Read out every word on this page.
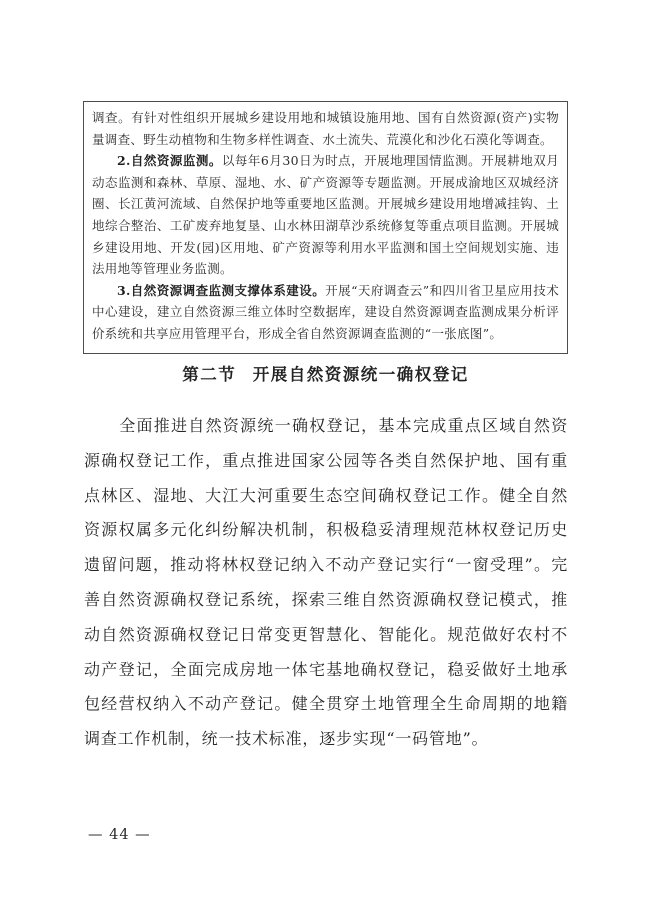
调查。有针对性组织开展城乡建设用地和城镇设施用地、国有自然资源(资产)实物量调查、野生动植物和生物多样性调查、水土流失、荒漠化和沙化石漠化等调查。

2.自然资源监测。以每年6月30日为时点，开展地理国情监测。开展耕地双月动态监测和森林、草原、湿地、水、矿产资源等专题监测。开展成渝地区双城经济圈、长江黄河流域、自然保护地等重要地区监测。开展城乡建设用地增减挂钩、土地综合整治、工矿废弃地复垦、山水林田湖草沙系统修复等重点项目监测。开展城乡建设用地、开发(园)区用地、矿产资源等利用水平监测和国土空间规划实施、违法用地等管理业务监测。

3.自然资源调查监测支撑体系建设。开展“天府调查云”和四川省卫星应用技术中心建设，建立自然资源三维立体时空数据库，建设自然资源调查监测成果分析评价系统和共享应用管理平台，形成全省自然资源调查监测的“一张底图”。

第二节 开展自然资源统一确权登记

全面推进自然资源统一确权登记，基本完成重点区域自然资源确权登记工作，重点推进国家公园等各类自然保护地、国有重点林区、湿地、大江大河重要生态空间确权登记工作。健全自然资源权属多元化纠纷解决机制，积极稳妥清理规范林权登记历史遗留问题，推动将林权登记纳入不动产登记实行“一窗受理”。完善自然资源确权登记系统，探索三维自然资源确权登记模式，推动自然资源确权登记日常变更智慧化、智能化。规范做好农村不动产登记，全面完成房地一体宅基地确权登记，稳妥做好土地承包经营权纳入不动产登记。健全贯穿土地管理全生命周期的地籍调查工作机制，统一技术标准，逐步实现“一码管地”。

— 44 —
